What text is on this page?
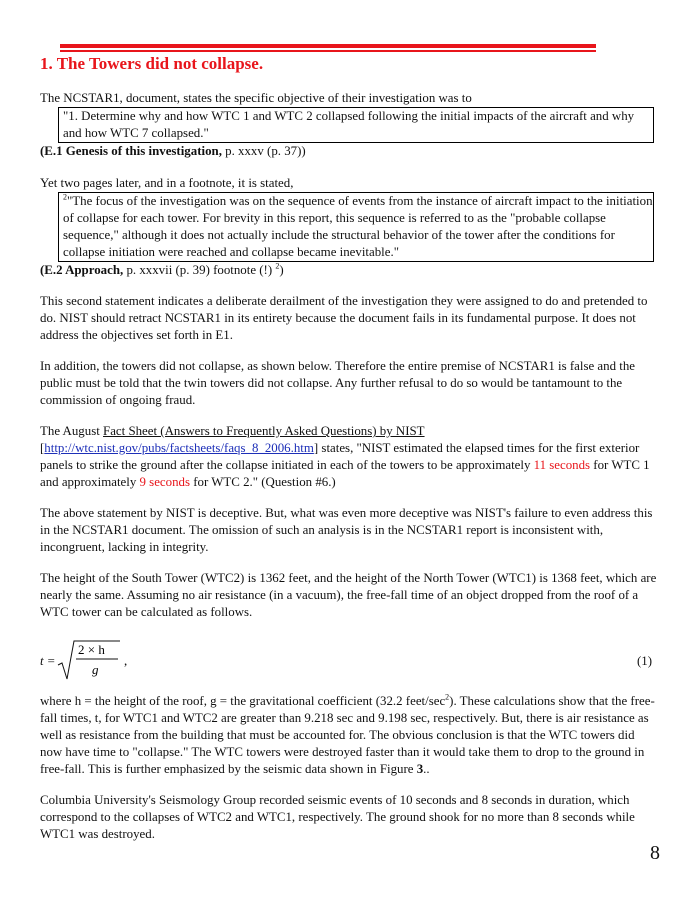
1. The Towers did not collapse.

The NCSTAR1, document, states the specific objective of their investigation was to

"1. Determine why and how WTC 1 and WTC 2 collapsed following the initial impacts of the aircraft and why and how WTC 7 collapsed."

(E.1 Genesis of this investigation, p. xxxv (p. 37))

Yet two pages later, and in a footnote, it is stated,

$^2$"The focus of the investigation was on the sequence of events from the instance of aircraft impact to the initiation of collapse for each tower. For brevity in this report, this sequence is referred to as the "probable collapse sequence," although it does not actually include the structural behavior of the tower after the conditions for collapse initiation were reached and collapse became inevitable."

(E.2 Approach, p. xxxvii (p. 39) footnote (!) $^2$)

This second statement indicates a deliberate derailment of the investigation they were assigned to do and pretended to do. NIST should retract NCSTAR1 in its entirety because the document fails in its fundamental purpose. It does not address the objectives set forth in E1.

In addition, the towers did not collapse, as shown below. Therefore the entire premise of NCSTAR1 is false and the public must be told that the twin towers did not collapse. Any further refusal to do so would be tantamount to the commission of ongoing fraud.

The August Fact Sheet (Answers to Frequently Asked Questions) by NIST
[http://wtc.nist.gov/pubs/factsheets/faqs_8_2006.htm] states, "NIST estimated the elapsed times for the first exterior panels to strike the ground after the collapse initiated in each of the towers to be approximately 11 seconds for WTC 1 and approximately 9 seconds for WTC 2." (Question #6.)

The above statement by NIST is deceptive. But, what was even more deceptive was NIST's failure to even address this in the NCSTAR1 document. The omission of such an analysis is in the NCSTAR1 report is inconsistent with, incongruent, lacking in integrity.

The height of the South Tower (WTC2) is 1362 feet, and the height of the North Tower (WTC1) is 1368 feet, which are nearly the same. Assuming no air resistance (in a vacuum), the free-fall time of an object dropped from the roof of a WTC tower can be calculated as follows.

t =
2 × h
g
,	(1)

where h = the height of the roof, g = the gravitational coefficient (32.2 feet/$\sec^2$). These calculations show that the free-fall times, t, for WTC1 and WTC2 are greater than 9.218 sec and 9.198 sec, respectively. But, there is air resistance as well as resistance from the building that must be accounted for. The obvious conclusion is that the WTC towers did now have time to "collapse." The WTC towers were destroyed faster than it would take them to drop to the ground in free-fall. This is further emphasized by the seismic data shown in Figure 3..

Columbia University's Seismology Group recorded seismic events of 10 seconds and 8 seconds in duration, which correspond to the collapses of WTC2 and WTC1, respectively. The ground shook for no more than 8 seconds while WTC1 was destroyed.

8
